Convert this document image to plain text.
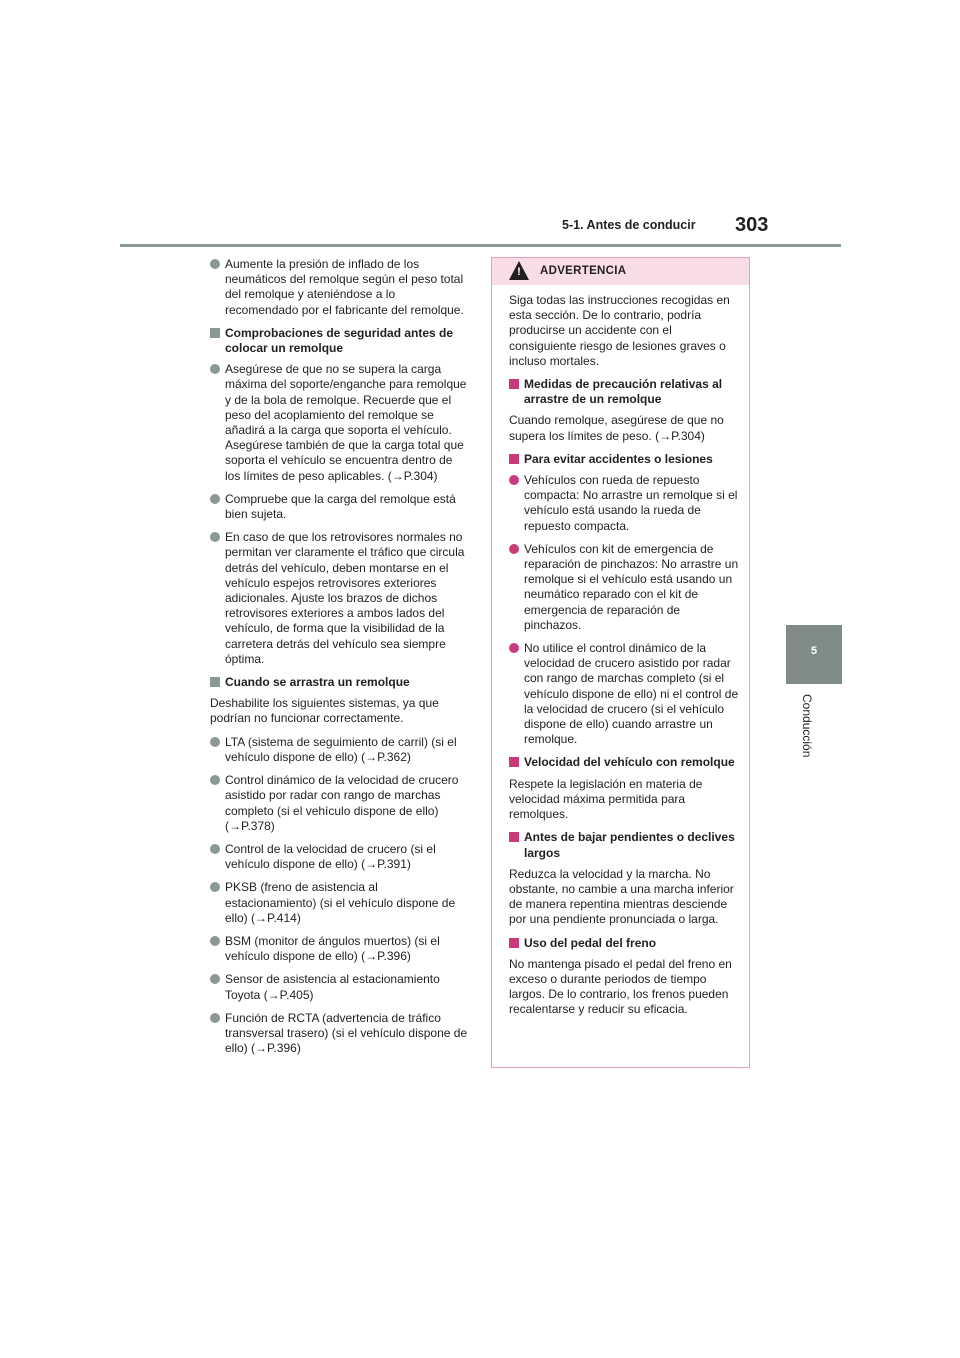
5-1. Antes de conducir 303
5
Conducción
Aumente la presión de inflado de los neumáticos del remolque según el peso total del remolque y ateniéndose a lo recomendado por el fabricante del remolque.
Comprobaciones de seguridad antes de colocar un remolque
Asegúrese de que no se supera la carga máxima del soporte/enganche para remolque y de la bola de remolque. Recuerde que el peso del acoplamiento del remolque se añadirá a la carga que soporta el vehículo. Asegúrese también de que la carga total que soporta el vehículo se encuentra dentro de los límites de peso aplicables. (→P.304)
Compruebe que la carga del remolque está bien sujeta.
En caso de que los retrovisores normales no permitan ver claramente el tráfico que circula detrás del vehículo, deben montarse en el vehículo espejos retrovisores exteriores adicionales. Ajuste los brazos de dichos retrovisores exteriores a ambos lados del vehículo, de forma que la visibilidad de la carretera detrás del vehículo sea siempre óptima.
Cuando se arrastra un remolque
Deshabilite los siguientes sistemas, ya que podrían no funcionar correctamente.
LTA (sistema de seguimiento de carril) (si el vehículo dispone de ello) (→P.362)
Control dinámico de la velocidad de crucero asistido por radar con rango de marchas completo (si el vehículo dispone de ello) (→P.378)
Control de la velocidad de crucero (si el vehículo dispone de ello) (→P.391)
PKSB (freno de asistencia al estacionamiento) (si el vehículo dispone de ello) (→P.414)
BSM (monitor de ángulos muertos) (si el vehículo dispone de ello) (→P.396)
Sensor de asistencia al estacionamiento Toyota (→P.405)
Función de RCTA (advertencia de tráfico transversal trasero) (si el vehículo dispone de ello) (→P.396)
! ADVERTENCIA
Siga todas las instrucciones recogidas en esta sección. De lo contrario, podría producirse un accidente con el consiguiente riesgo de lesiones graves o incluso mortales.
Medidas de precaución relativas al arrastre de un remolque
Cuando remolque, asegúrese de que no supera los límites de peso. (→P.304)
Para evitar accidentes o lesiones
Vehículos con rueda de repuesto compacta: No arrastre un remolque si el vehículo está usando la rueda de repuesto compacta.
Vehículos con kit de emergencia de reparación de pinchazos: No arrastre un remolque si el vehículo está usando un neumático reparado con el kit de emergencia de reparación de pinchazos.
No utilice el control dinámico de la velocidad de crucero asistido por radar con rango de marchas completo (si el vehículo dispone de ello) ni el control de la velocidad de crucero (si el vehículo dispone de ello) cuando arrastre un remolque.
Velocidad del vehículo con remolque
Respete la legislación en materia de velocidad máxima permitida para remolques.
Antes de bajar pendientes o declives largos
Reduzca la velocidad y la marcha. No obstante, no cambie a una marcha inferior de manera repentina mientras desciende por una pendiente pronunciada o larga.
Uso del pedal del freno
No mantenga pisado el pedal del freno en exceso o durante periodos de tiempo largos. De lo contrario, los frenos pueden recalentarse y reducir su eficacia.
